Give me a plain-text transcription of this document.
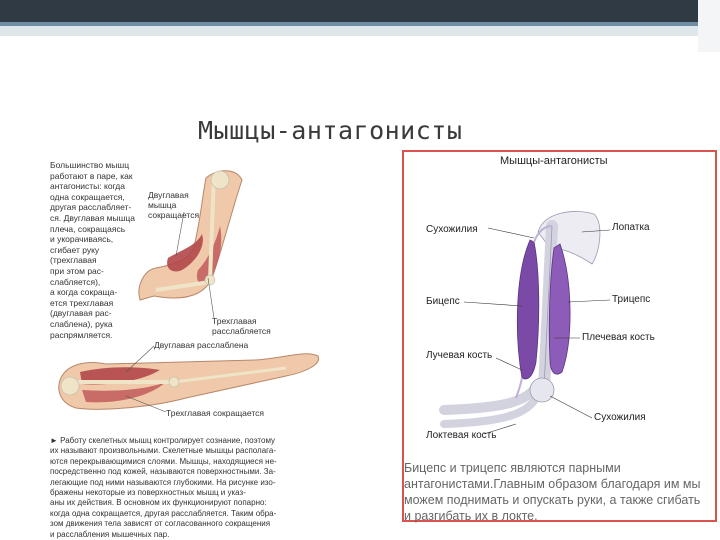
Мышцы-антагонисты
Большинство мышц
работают в паре, как
антагонисты: когда
одна сокращается,
другая расслабляет-
ся. Двуглавая мышца
плеча, сокращаясь
и укорачиваясь,
сгибает руку
(трехглавая
при этом рас-
слабляется),
а когда сокраща-
ется трехглавая
(двуглавая рас-
слаблена), рука
распрямляется.
Двуглавая
мышца
сокращается
Трехглавая
расслабляется
Двуглавая расслаблена
Трехглавая сокращается
► Работу скелетных мышц контролирует сознание, поэтому
их называют произвольными. Скелетные мышцы располага-
ются перекрывающимися слоями. Мышцы, находящиеся не-
посредственно под кожей, называются поверхностными. За-
легающие под ними называются глубокими. На рисунке изо-
бражены некоторые из поверхностных мышц и указ-
аны их действия. В основном их функционируют попарно:
когда одна сокращается, другая расслабляется. Таким обра-
зом движения тела зависят от согласованного сокращения
и расслабления мышечных пар.
Мышцы-антагонисты
Сухожилия	Лопатка
Бицепс	Трицепс
Плечевая кость
Лучевая кость
Сухожилия
Локтевая кость
Бицепс и трицепс являются парными
антагонистами.Главным образом благодаря им мы
можем поднимать и опускать руки, а также сгибать
и разгибать их в локте.
